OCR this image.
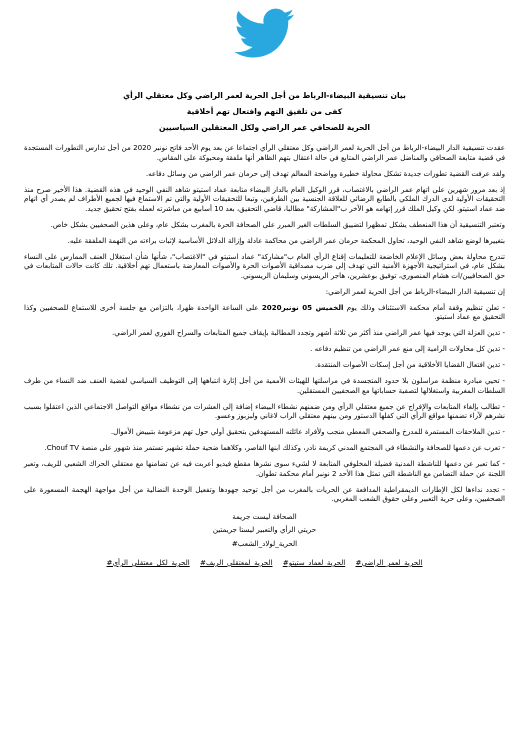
بيان تنسيقية البيضاء-الرباط من أجل الحرية لعمر الراضي وكل معتقلي الرأي
كفى من تلفيق التهم وافتعال تهم أخلاقية
الحرية للصحافي عمر الراضي ولكل المعتقلين السياسيين

عقدت تنسيقية الدار البيضاء-الرباط من أجل الحرية لعمر الراضي وكل معتقلي الرأي اجتماعا عن بعد يوم الأحد فاتح نونبر 2020 من أجل تدارس التطورات المستجدة في قضية متابعة الصحافي والمناضل عمر الراضي المتابع في حالة اعتقال بتهم الظاهر أنها ملفقة ومحبوكة على المقاس.

ولقد عرفت القضية تطورات جديدة تشكل محاولة خطيرة وواضحة المعالم تهدف إلى حرمان عمر الراضي من وسائل دفاعه.

إذ بعد مرور شهرين على اتهام عمر الراضي بالاغتصاب، قرر الوكيل العام بالدار البيضاء متابعة عماد استيتو شاهد النفي الوحيد في هذه القضية. هذا الأخير صرح منذ التحقيقات الأولية لدى الدرك الملكي بالطابع الرضائي للعلاقة الجنسية بين الطرفين، وتبعا للتحقيقات الأولية والتي تم الاستماع فيها لجميع الأطراف لم يصدر أي اتهام ضد عماد استيتو. لكن وكيل الملك قرر إتهامه هو الآخر ب"المشاركة" مطالبا، قاضي التحقيق، بعد 10 أسابيع من مباشرته لعمله بفتح تحقيق جديد.

وتعتبر التنسيقية أن هذا المنعطف يشكل تمظهرا لتضييق السلطات الغير المبرر على الصحافة الحرة بالمغرب بشكل عام، وعلى هذين الصحفيين بشكل خاص.

بتغييرها لوضع شاهد النفي الوحيد، تحاول المحكمة حرمان عمر الراضي من محاكمة عادلة وإزالة الدلائل الأساسية لإثبات براءته من التهمة الملفقة عليه.

تندرج محاولة بعض وسائل الإعلام الخاضعة للتعليمات إقناع الرأي العام ب"مشاركة" عماد استيتو في "الاغتصاب"، شأنها شأن استغلال العنف الممارس على النساء بشكل عام، في استراتيجية الأجهزة الأمنية التي تهدف إلى ضرب مصداقية الأصوات الحرة والأصوات المعارضة باستعمال تهم أخلاقية. تلك كانت حالات المتابعات في حق الصحافيين/ات هشام المنصوري، توفيق بوعشرين، هاجر الريسوني وسليمان الريسوني.

إن تنسيقية الدار البيضاء-الرباط من أجل الحرية لعمر الراضي:

- تعلن تنظيم وقفة أمام محكمة الاستئناف وذلك يوم الخميس 05 نونبر2020 على الساعة الواحدة ظهرا، بالتزامن مع جلسة أخرى للاستماع للصحفيين وكذا التحقيق مع عماد استيتو.

- تدين العزلة التي يوجد فيها عمر الراضي منذ أكثر من ثلاثة أشهر وتجدد المطالبة بإيقاف جميع المتابعات والسراح الفوري لعمر الراضي.

- تدين كل محاولات الرامية إلى منع عمر الراضي من تنظيم دفاعه .

- تدين افتعال القضايا الأخلاقية من أجل إسكات الأصوات المنتقدة.

- تحيي مبادرة منظمة مراسلون بلا حدود المتجسدة في مراسلتها للهيئات الأممية من أجل إثارة انتباهها إلى التوظيف السياسي لقضية العنف ضد النساء من طرف السلطات المغربية واستغلالها لتصفية حساباتها مع الصحفيين المستقلين.

- تطالب بإلغاء المتابعات والإفراج عن جميع معتقلي الرأي ومن ضمنهم نشطاء البيضاء إضافة إلى العشرات من نشطاء مواقع التواصل الاجتماعي الذين اعتقلوا بسبب نشرهم لآراء تضمنها مواقع الرأي التي كفلها الدستور ومن بينهم معتقلي الراب لاغاني ولبزبوز وعسو.

- تدين الملاحقات المستمرة للمدرخ والصحفي المعطي منجب ولأفراد عائلته المستهدفين بتحقيق أولي حول تهم مزعومة بتبييض الأموال.

- تعرب عن دعمها للصحافة والنشطاء في المجتمع المدني كريمة نادر، وكذلك ابنها القاصر، وكلاهما ضحية حملة تشهير تستمر منذ شهور على منصة Chouf TV.

- كما تعبر عن دعمها للناشطة المدنية فضيلة المخلوفي المتابعة لا لشيء سوى نشرها مقطع فيديو أعربت فيه عن تضامنها مع معتقلي الحراك الشعبي للريف، وتعبر اللجنة عن حملة التضامن مع الناشطة التي تمثل هذا الأحد 2 نونبر أمام محكمة تطوان.

- تجدد نداءها لكل الإطارات الديمقراطية المدافعة عن الحريات بالمغرب من أجل توحيد جهودها وتفعيل الوحدة النضالية من أجل مواجهة الهجمة المسعورة على الصحفيين، وعلى حرية التعبير وعلى حقوق الشعب المغربي.

الصحافة ليست جريمة
حريتي الرأي والتعبير ليستا جريمتين
الحرية_لولاد_الشعب#
الحرية_لعمر_الراضي# الحرية_لعماد_ستيتو# الحرية_لمعتقلي_الريف# الحرية_لكل_معتقلي_الرأي#
